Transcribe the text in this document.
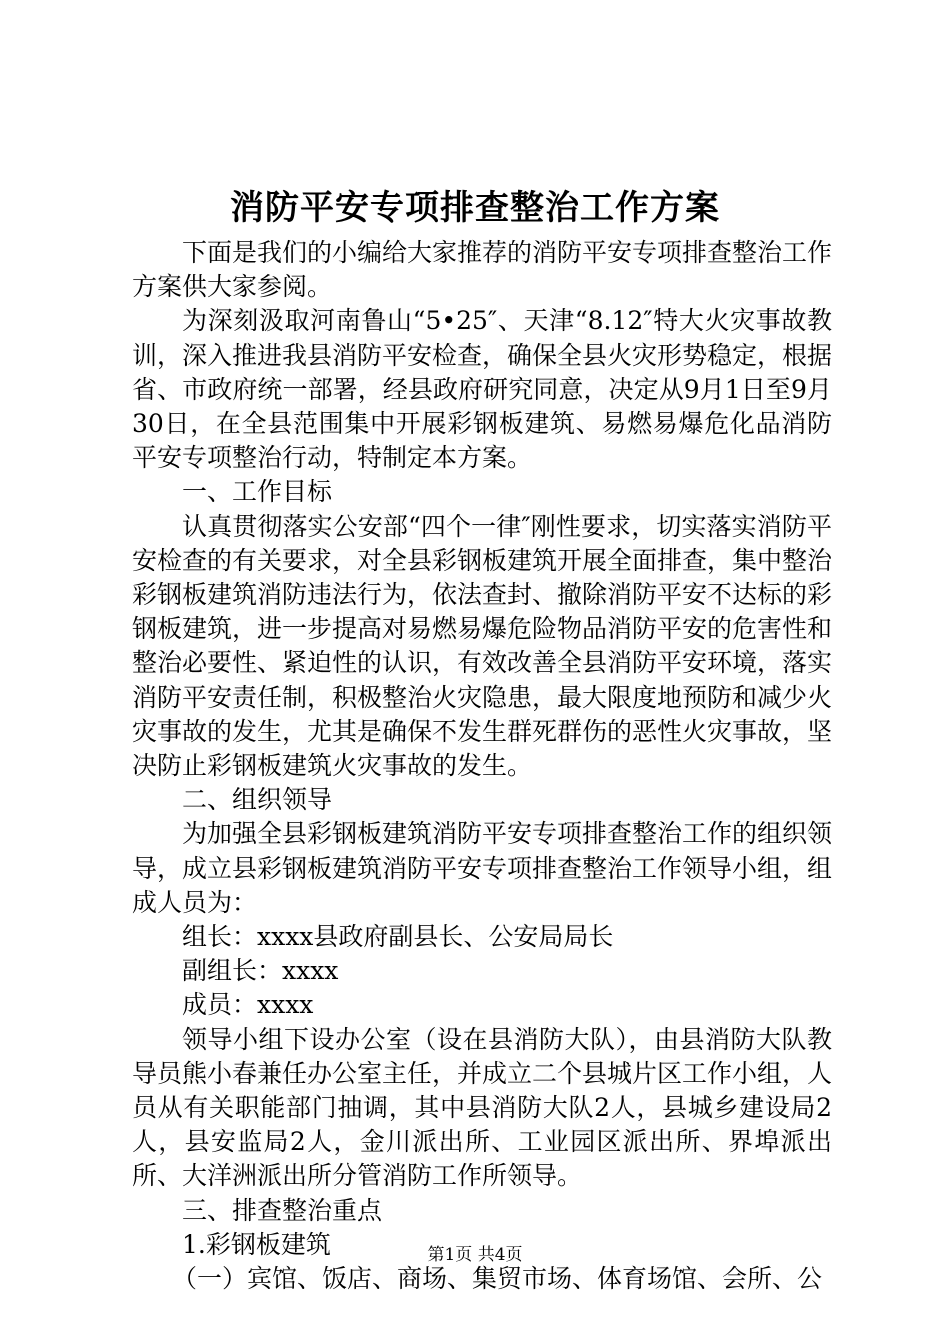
消防平安专项排查整治工作方案

下面是我们的小编给大家推荐的消防平安专项排查整治工作方案供大家参阅。

为深刻汲取河南鲁山“5•25″、天津“8.12″特大火灾事故教训，深入推进我县消防平安检查，确保全县火灾形势稳定，根据省、市政府统一部署，经县政府研究同意，决定从9月1日至9月30日，在全县范围集中开展彩钢板建筑、易燃易爆危化品消防平安专项整治行动，特制定本方案。

一、工作目标

认真贯彻落实公安部“四个一律″刚性要求，切实落实消防平安检查的有关要求，对全县彩钢板建筑开展全面排查，集中整治彩钢板建筑消防违法行为，依法查封、撤除消防平安不达标的彩钢板建筑，进一步提高对易燃易爆危险物品消防平安的危害性和整治必要性、紧迫性的认识，有效改善全县消防平安环境，落实消防平安责任制，积极整治火灾隐患，最大限度地预防和减少火灾事故的发生，尤其是确保不发生群死群伤的恶性火灾事故，坚决防止彩钢板建筑火灾事故的发生。

二、组织领导

为加强全县彩钢板建筑消防平安专项排查整治工作的组织领导，成立县彩钢板建筑消防平安专项排查整治工作领导小组，组成人员为：

组长：xxxx县政府副县长、公安局局长

副组长：xxxx

成员：xxxx

领导小组下设办公室（设在县消防大队），由县消防大队教导员熊小春兼任办公室主任，并成立二个县城片区工作小组，人员从有关职能部门抽调，其中县消防大队2人，县城乡建设局2人，县安监局2人，金川派出所、工业园区派出所、界埠派出所、大洋洲派出所分管消防工作所领导。

三、排查整治重点

1.彩钢板建筑

（一）宾馆、饭店、商场、集贸市场、体育场馆、会所、公

第1页 共4页
